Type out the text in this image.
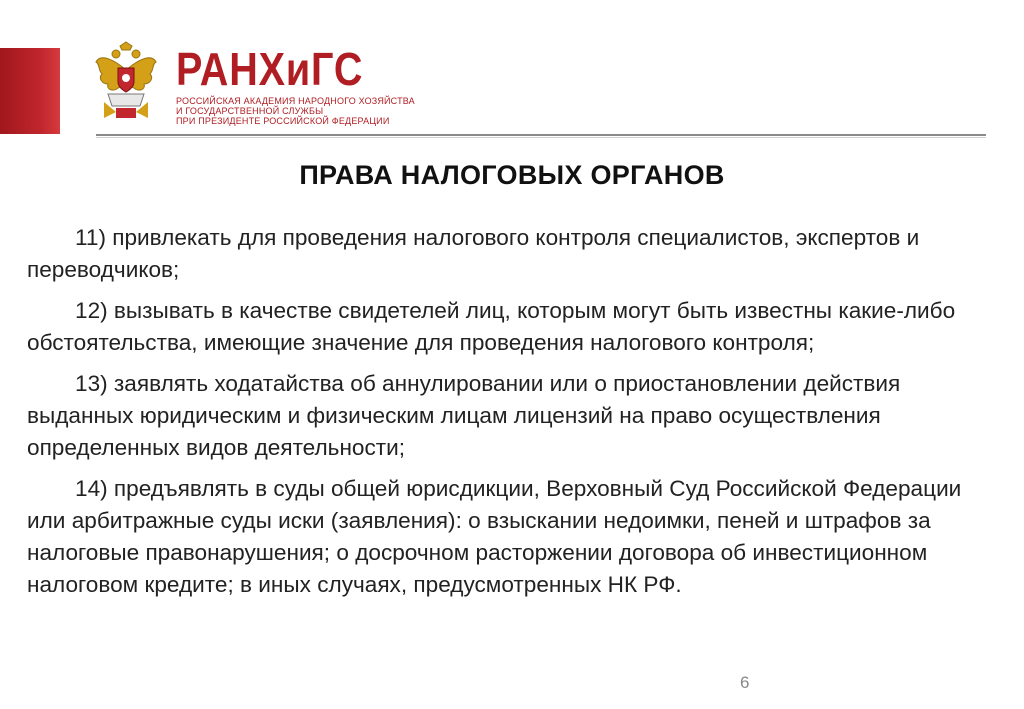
РАНХиГС
РОССИЙСКАЯ АКАДЕМИЯ НАРОДНОГО ХОЗЯЙСТВА
И ГОСУДАРСТВЕННОЙ СЛУЖБЫ
ПРИ ПРЕЗИДЕНТЕ РОССИЙСКОЙ ФЕДЕРАЦИИ
ПРАВА НАЛОГОВЫХ ОРГАНОВ

11) привлекать для проведения налогового контроля специалистов, экспертов и переводчиков;

12) вызывать в качестве свидетелей лиц, которым могут быть известны какие-либо обстоятельства, имеющие значение для проведения налогового контроля;

13) заявлять ходатайства об аннулировании или о приостановлении действия выданных юридическим и физическим лицам лицензий на право осуществления определенных видов деятельности;

14) предъявлять в суды общей юрисдикции, Верховный Суд Российской Федерации или арбитражные суды иски (заявления): о взыскании недоимки, пеней и штрафов за налоговые правонарушения; о досрочном расторжении договора об инвестиционном налоговом кредите; в иных случаях, предусмотренных НК РФ.

6
